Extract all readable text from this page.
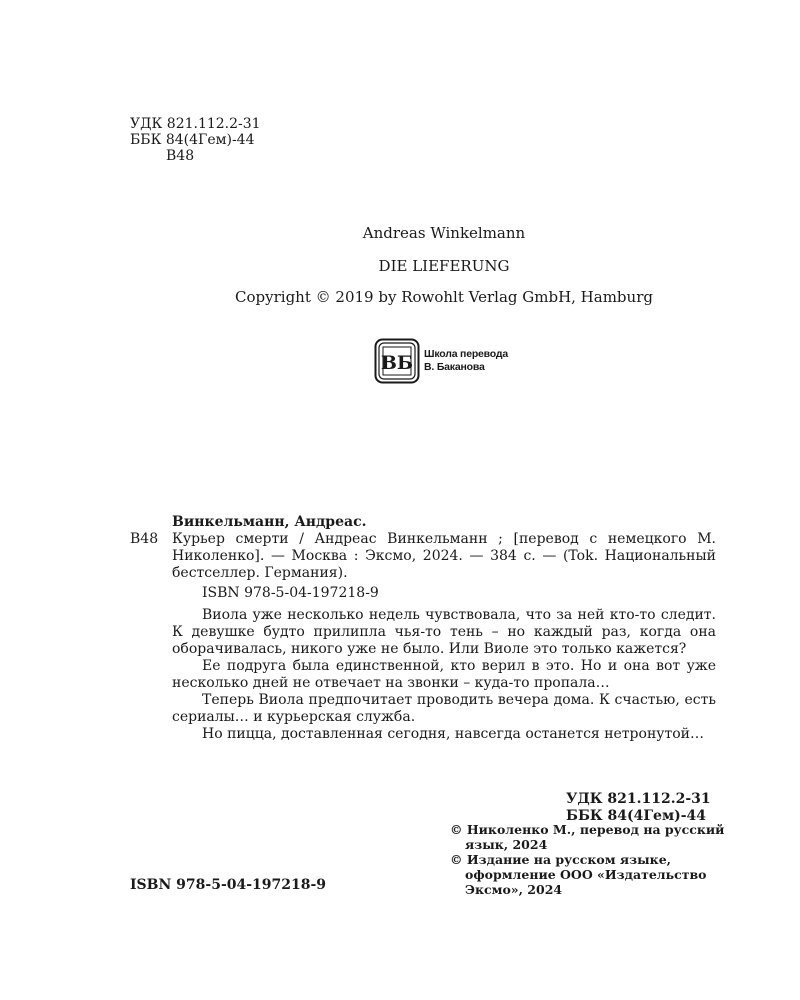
УДК 821.112.2-31
ББК 84(4Гем)-44
В48
Andreas Winkelmann
DIE LIEFERUNG
Copyright © 2019 by Rowohlt Verlag GmbH, Hamburg
ВБ Школа перевода
В. Баканова
Винкельманн, Андреас.
В48 Курьер смерти / Андреас Винкельманн ; [перевод с немецкого М. Николенко]. — Москва : Эксмо, 2024. — 384 с. — (Tok. Национальный бестселлер. Германия).
ISBN 978-5-04-197218-9

Виола уже несколько недель чувствовала, что за ней кто-то следит. К девушке будто прилипла чья-то тень – но каждый раз, когда она оборачивалась, никого уже не было. Или Виоле это только кажется?

Ее подруга была единственной, кто верил в это. Но и она вот уже несколько дней не отвечает на звонки – куда-то пропала…

Теперь Виола предпочитает проводить вечера дома. К счастью, есть сериалы… и курьерская служба.

Но пицца, доставленная сегодня, навсегда останется нетронутой…

УДК 821.112.2-31
ББК 84(4Гем)-44
© Николенко М., перевод на русский язык, 2024
© Издание на русском языке, оформление ООО «Издательство Эксмо», 2024
ISBN 978-5-04-197218-9
